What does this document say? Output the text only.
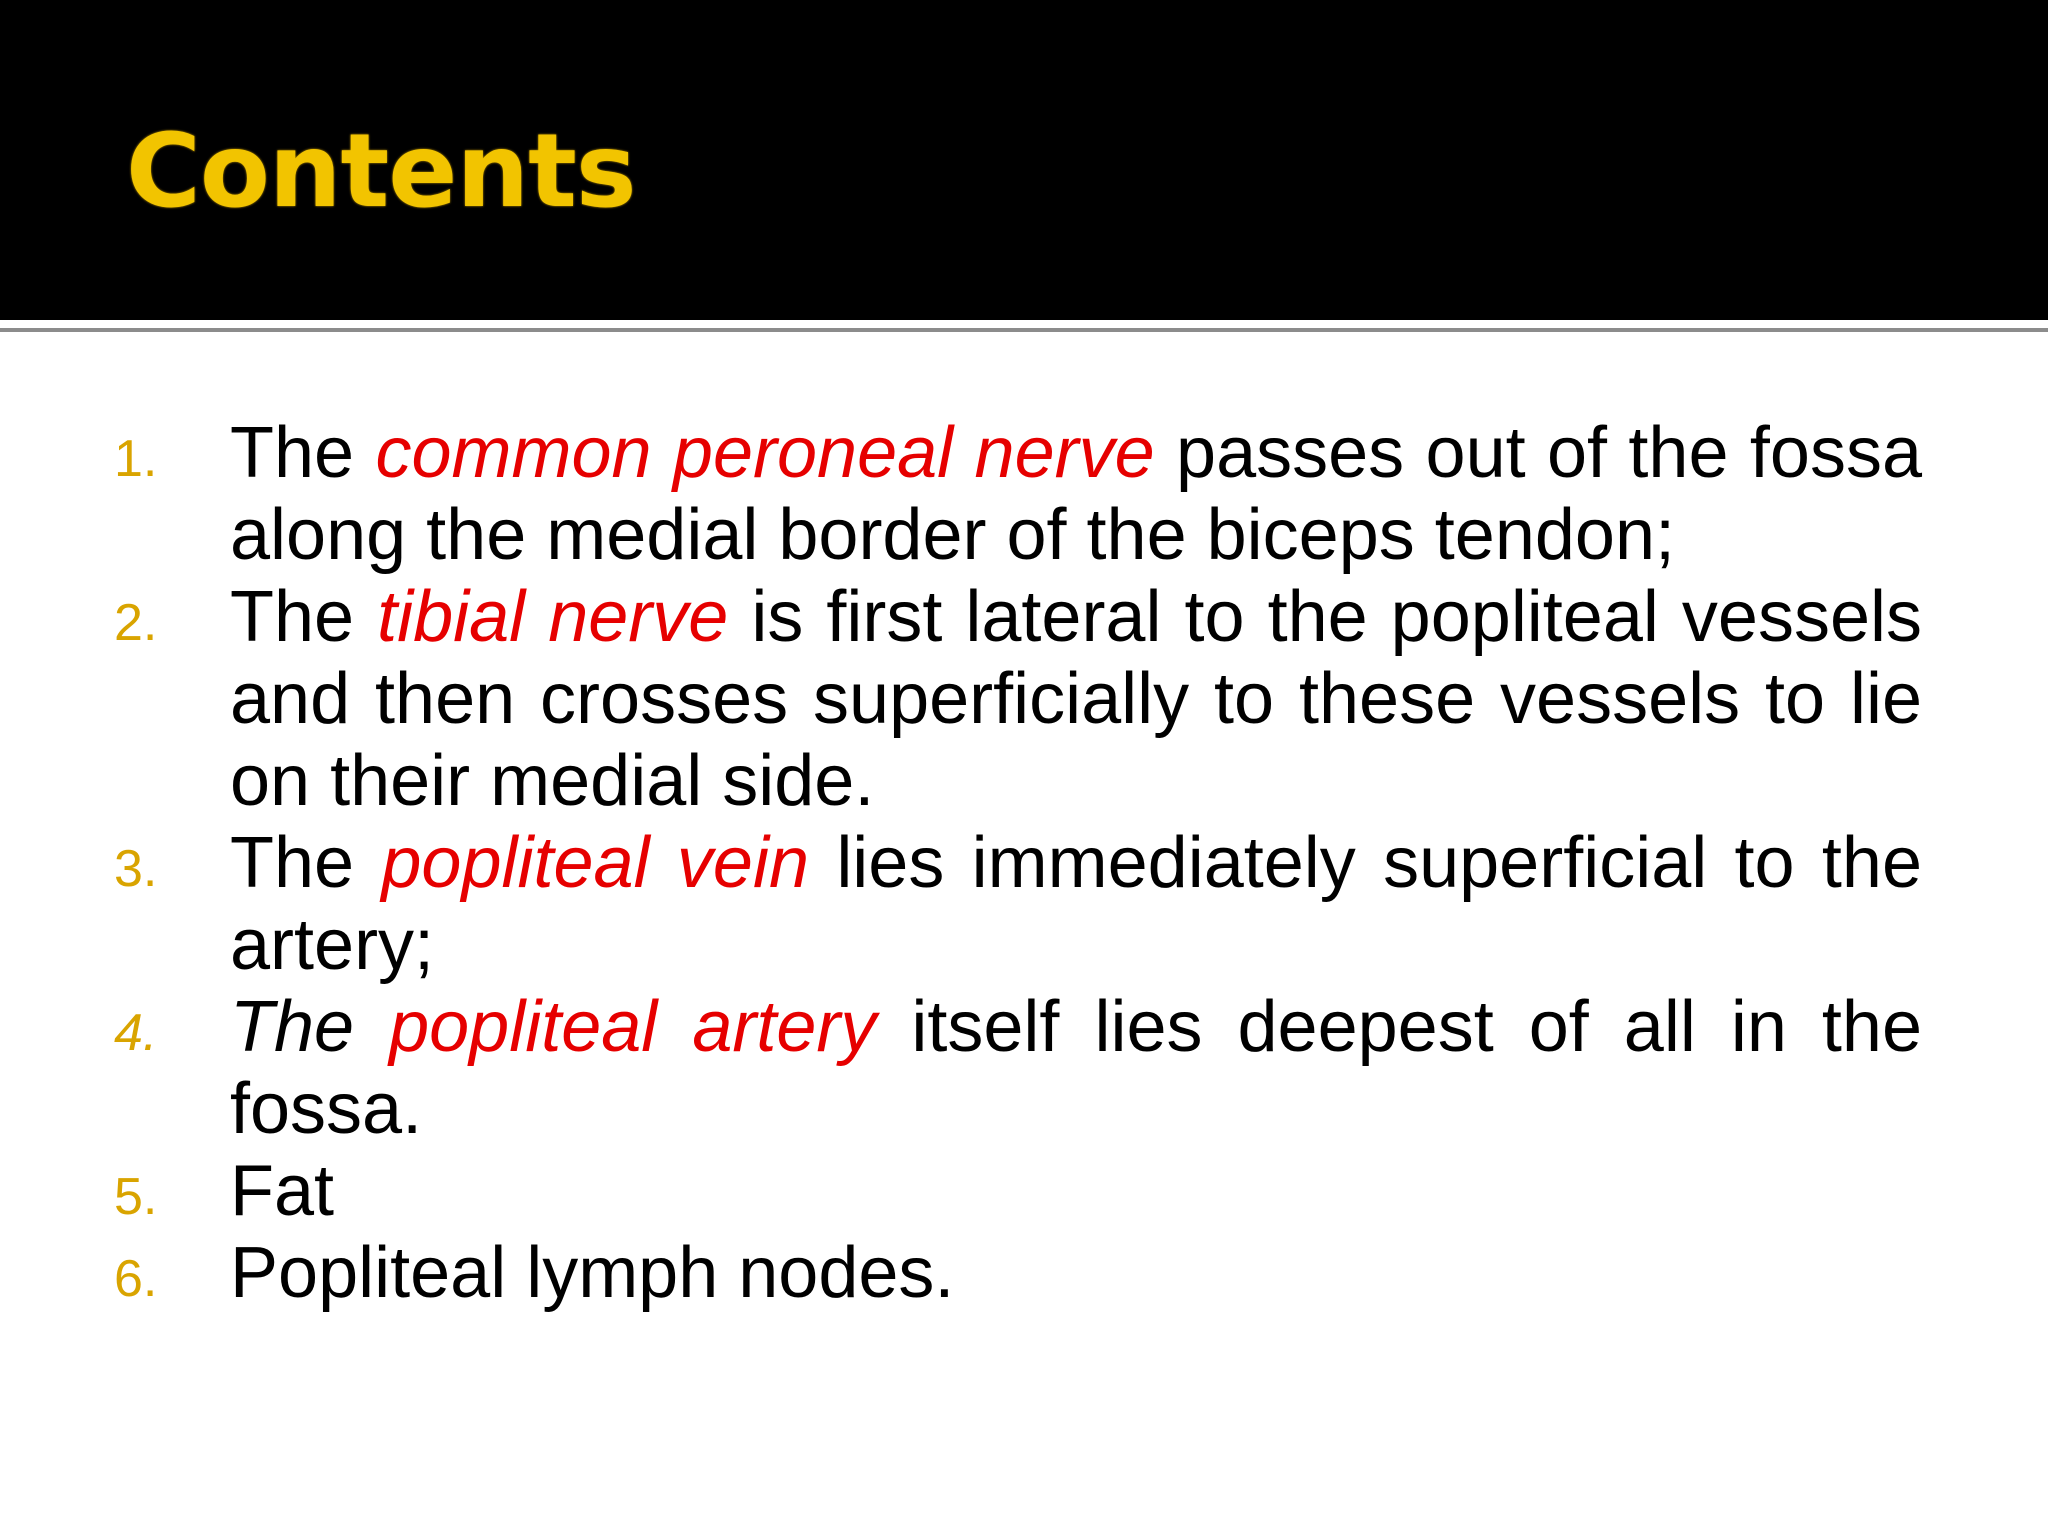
Contents
1. The common peroneal nerve passes out of the fossa along the medial border of the biceps tendon;
2. The tibial nerve is first lateral to the popliteal vessels and then crosses superficially to these vessels to lie on their medial side.
3. The popliteal vein lies immediately superficial to the artery;
4. The popliteal artery itself lies deepest of all in the fossa.
5. Fat
6. Popliteal lymph nodes.
